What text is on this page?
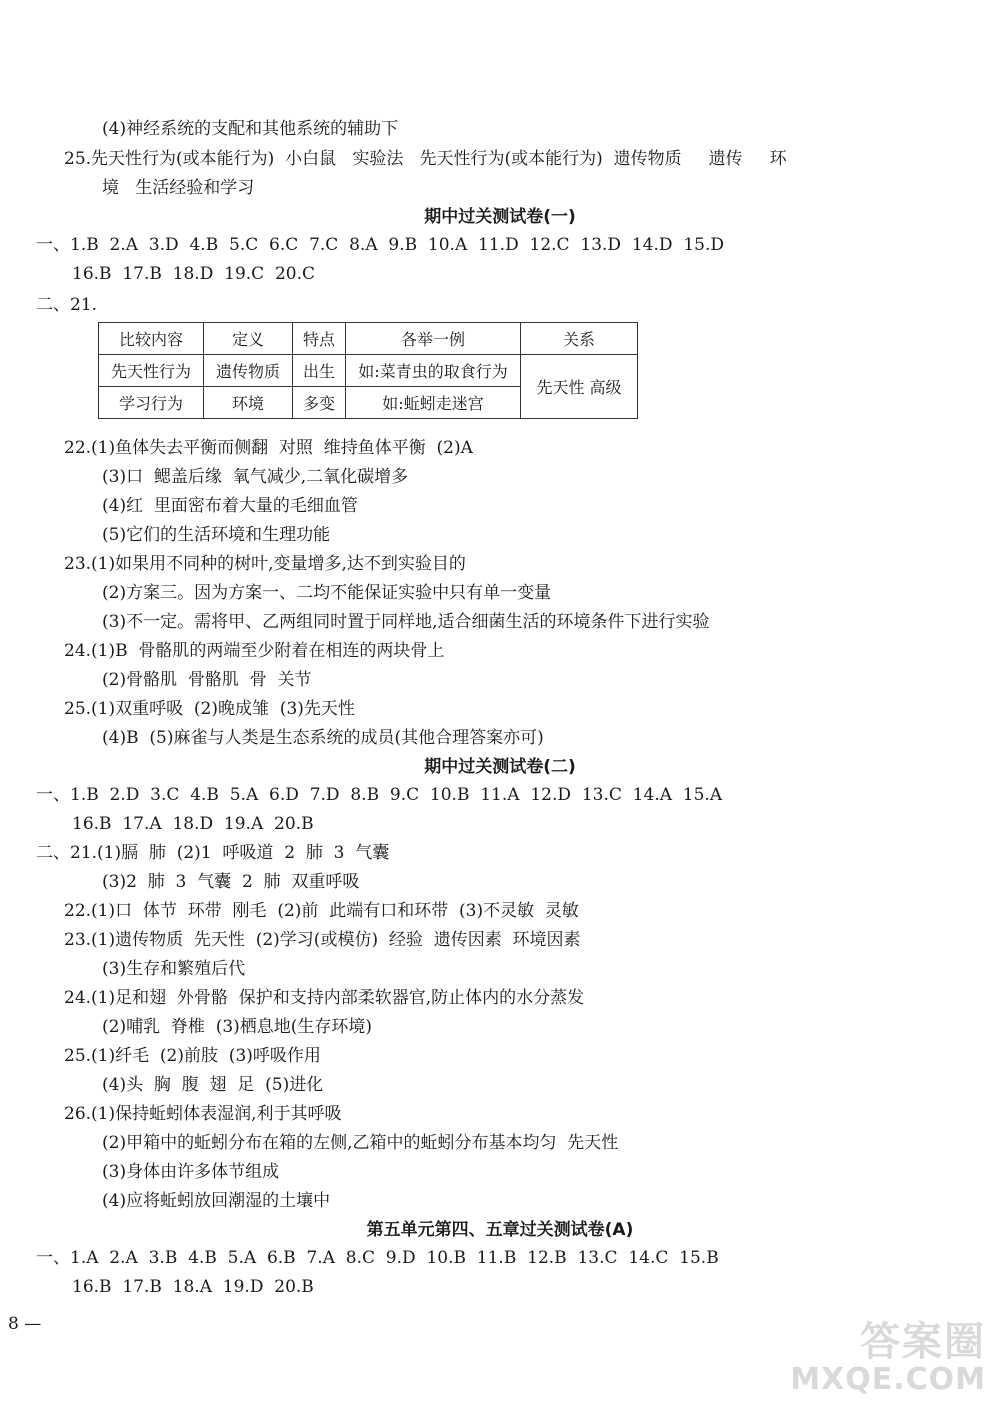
(4)神经系统的支配和其他系统的辅助下
25.先天性行为(或本能行为)  小白鼠   实验法   先天性行为(或本能行为)  遗传物质     遗传     环
境   生活经验和学习
期中过关测试卷(一)
一、1.B  2.A  3.D  4.B  5.C  6.C  7.C  8.A  9.B  10.A  11.D  12.C  13.D  14.D  15.D
16.B  17.B  18.D  19.C  20.C
二、21.
比较内容	定义	特点	各举一例	关系
先天性行为	遗传物质	出生	如:菜青虫的取食行为	先天性 高级
学习行为	环境	多变	如:蚯蚓走迷宫	
22.(1)鱼体失去平衡而侧翻  对照  维持鱼体平衡  (2)A
(3)口  鳃盖后缘  氧气减少,二氧化碳增多
(4)红  里面密布着大量的毛细血管
(5)它们的生活环境和生理功能
23.(1)如果用不同种的树叶,变量增多,达不到实验目的
(2)方案三。因为方案一、二均不能保证实验中只有单一变量
(3)不一定。需将甲、乙两组同时置于同样地,适合细菌生活的环境条件下进行实验
24.(1)B  骨骼肌的两端至少附着在相连的两块骨上
(2)骨骼肌  骨骼肌  骨  关节
25.(1)双重呼吸  (2)晚成雏  (3)先天性
(4)B  (5)麻雀与人类是生态系统的成员(其他合理答案亦可)
期中过关测试卷(二)
一、1.B  2.D  3.C  4.B  5.A  6.D  7.D  8.B  9.C  10.B  11.A  12.D  13.C  14.A  15.A
16.B  17.A  18.D  19.A  20.B
二、21.(1)膈  肺  (2)1  呼吸道  2  肺  3  气囊
(3)2  肺  3  气囊  2  肺  双重呼吸
22.(1)口  体节  环带  刚毛  (2)前  此端有口和环带  (3)不灵敏  灵敏
23.(1)遗传物质  先天性  (2)学习(或模仿)  经验  遗传因素  环境因素
(3)生存和繁殖后代
24.(1)足和翅  外骨骼  保护和支持内部柔软器官,防止体内的水分蒸发
(2)哺乳  脊椎  (3)栖息地(生存环境)
25.(1)纤毛  (2)前肢  (3)呼吸作用
(4)头  胸  腹  翅  足  (5)进化
26.(1)保持蚯蚓体表湿润,利于其呼吸
(2)甲箱中的蚯蚓分布在箱的左侧,乙箱中的蚯蚓分布基本均匀  先天性
(3)身体由许多体节组成
(4)应将蚯蚓放回潮湿的土壤中
第五单元第四、五章过关测试卷(A)
一、1.A  2.A  3.B  4.B  5.A  6.B  7.A  8.C  9.D  10.B  11.B  12.B  13.C  14.C  15.B
16.B  17.B  18.A  19.D  20.B
8 —	答案圈
MXQE.COM
